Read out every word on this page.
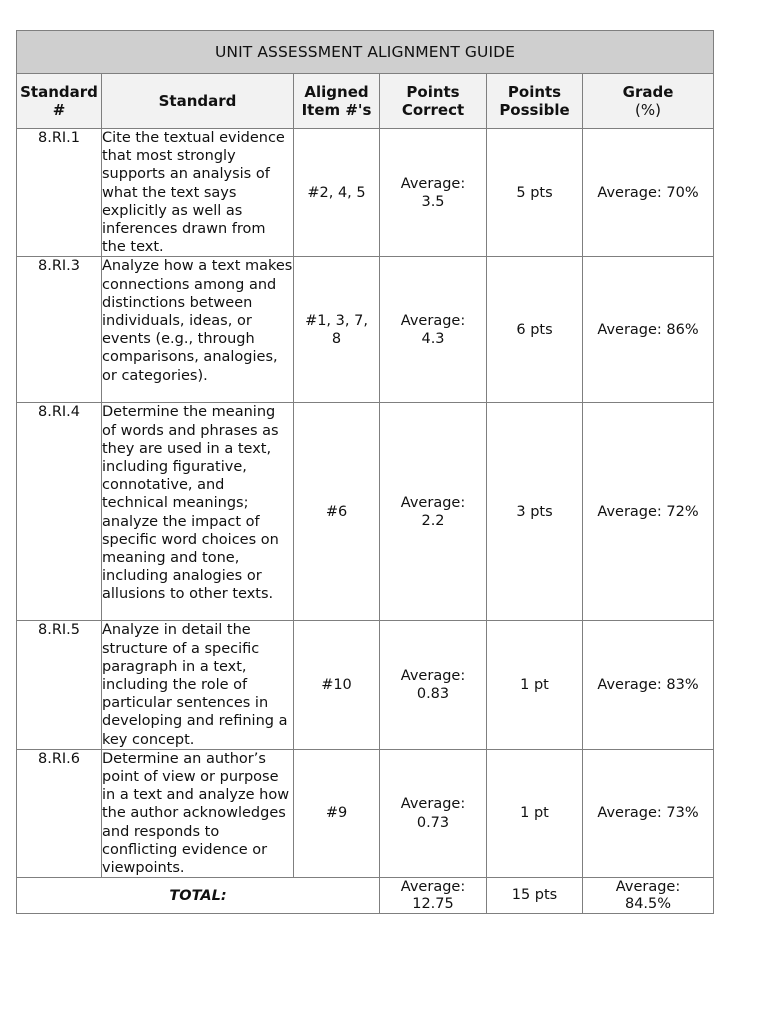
UNIT ASSESSMENT ALIGNMENT GUIDE					
Standard #	Standard	Aligned Item #'s	Points Correct	Points Possible	Grade
(%)
8.RI.1	Cite the textual evidence that most strongly supports an analysis of what the text says explicitly as well as inferences drawn from the text.	#2, 4, 5	Average: 3.5	5 pts	Average: 70%
8.RI.3	Analyze how a text makes connections among and distinctions between individuals, ideas, or events (e.g., through comparisons, analogies, or categories).	#1, 3, 7, 8	Average: 4.3	6 pts	Average: 86%
8.RI.4	Determine the meaning of words and phrases as they are used in a text, including figurative, connotative, and technical meanings; analyze the impact of specific word choices on meaning and tone, including analogies or allusions to other texts.	#6	Average: 2.2	3 pts	Average: 72%
8.RI.5	Analyze in detail the structure of a specific paragraph in a text, including the role of particular sentences in developing and refining a key concept.	#10	Average: 0.83	1 pt	Average: 83%
8.RI.6	Determine an author’s point of view or purpose in a text and analyze how the author acknowledges and responds to conflicting evidence or viewpoints.	#9	Average: 0.73	1 pt	Average: 73%
TOTAL:			Average: 12.75	15 pts	Average: 84.5%
